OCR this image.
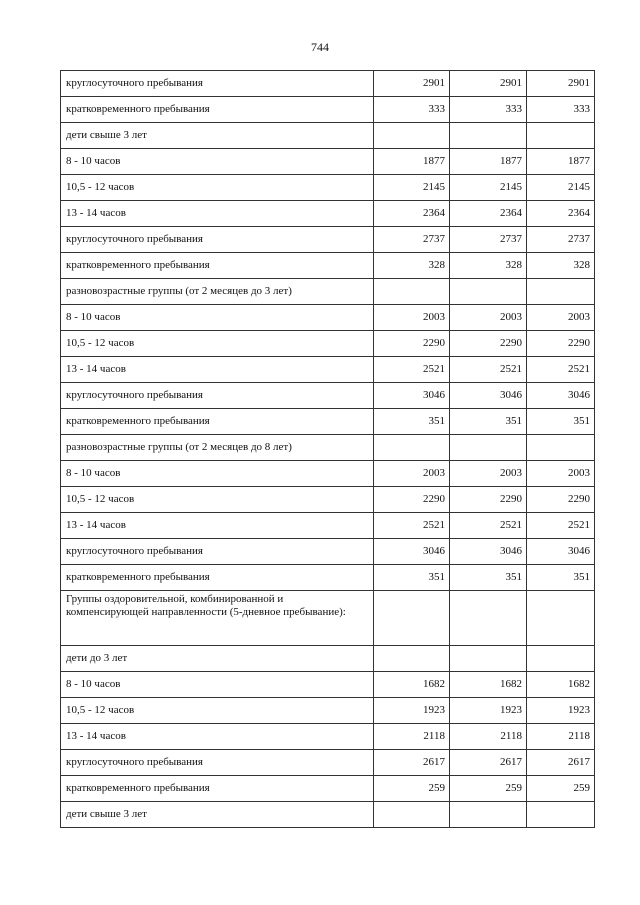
744
круглосуточного пребывания	2901	2901	2901
кратковременного пребывания	333	333	333
дети свыше 3 лет			
8 - 10 часов	1877	1877	1877
10,5 - 12 часов	2145	2145	2145
13 - 14 часов	2364	2364	2364
круглосуточного пребывания	2737	2737	2737
кратковременного пребывания	328	328	328
разновозрастные группы (от 2 месяцев до 3 лет)			
8 - 10 часов	2003	2003	2003
10,5 - 12 часов	2290	2290	2290
13 - 14 часов	2521	2521	2521
круглосуточного пребывания	3046	3046	3046
кратковременного пребывания	351	351	351
разновозрастные группы (от 2 месяцев до 8 лет)			
8 - 10 часов	2003	2003	2003
10,5 - 12 часов	2290	2290	2290
13 - 14 часов	2521	2521	2521
круглосуточного пребывания	3046	3046	3046
кратковременного пребывания	351	351	351
Группы оздоровительной, комбинированной и компенсирующей направленности (5-дневное пребывание):			
дети до 3 лет			
8 - 10 часов	1682	1682	1682
10,5 - 12 часов	1923	1923	1923
13 - 14 часов	2118	2118	2118
круглосуточного пребывания	2617	2617	2617
кратковременного пребывания	259	259	259
дети свыше 3 лет			
